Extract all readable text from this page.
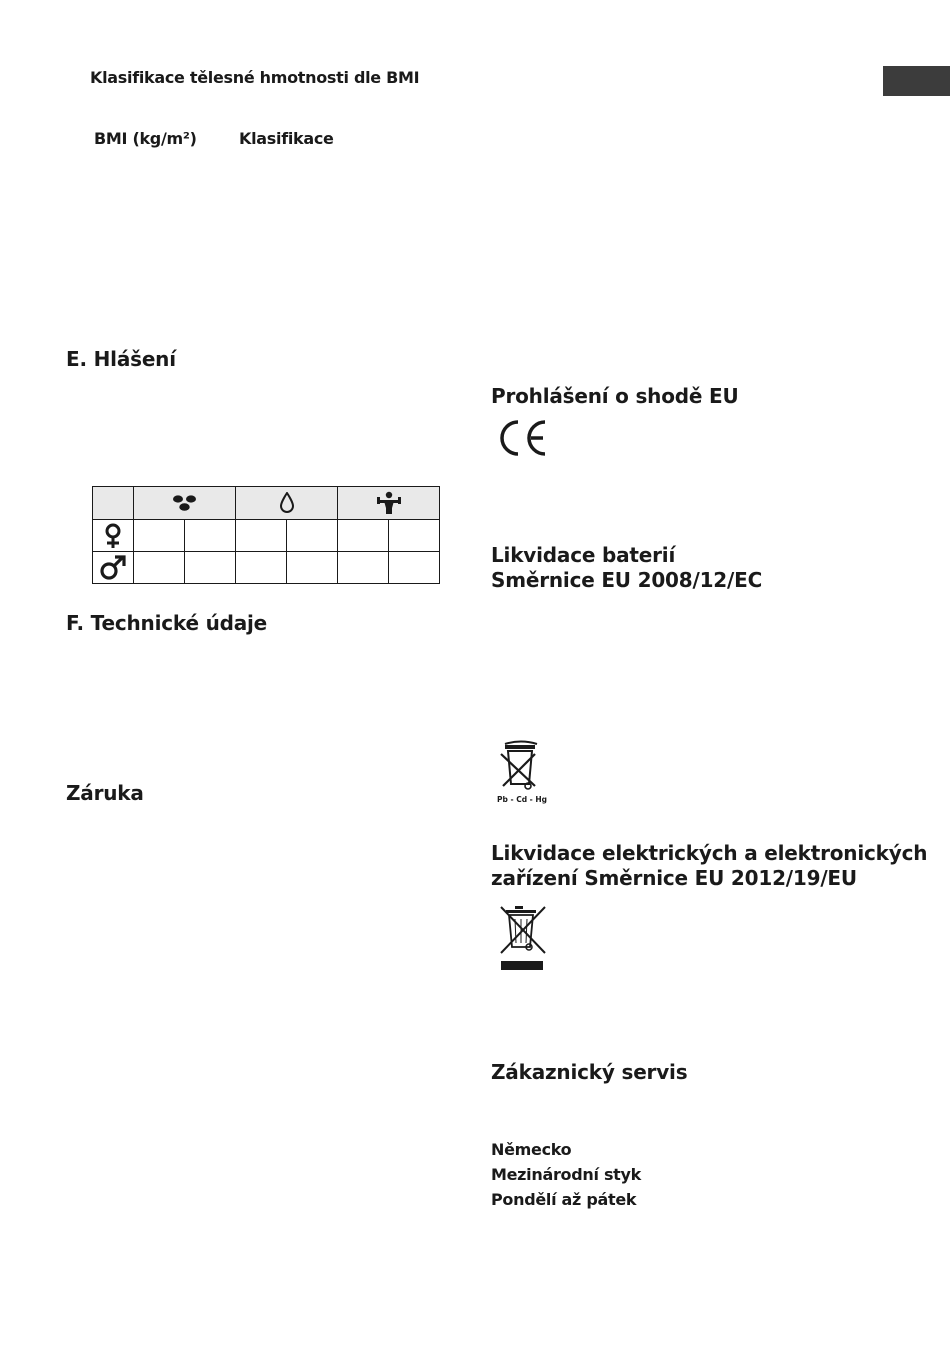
Klasifikace tělesné hmotnosti dle BMI
BMI (kg/m²)	Klasifikace
E. Hlášení

F. Technické údaje
Záruka
Prohlášení o shodě EU
Likvidace baterií
Směrnice EU 2008/12/EC
Pb - Cd - Hg
Likvidace elektrických a elektronických
zařízení Směrnice EU 2012/19/EU
Zákaznický servis
Německo
Mezinárodní styk
Pondělí až pátek
